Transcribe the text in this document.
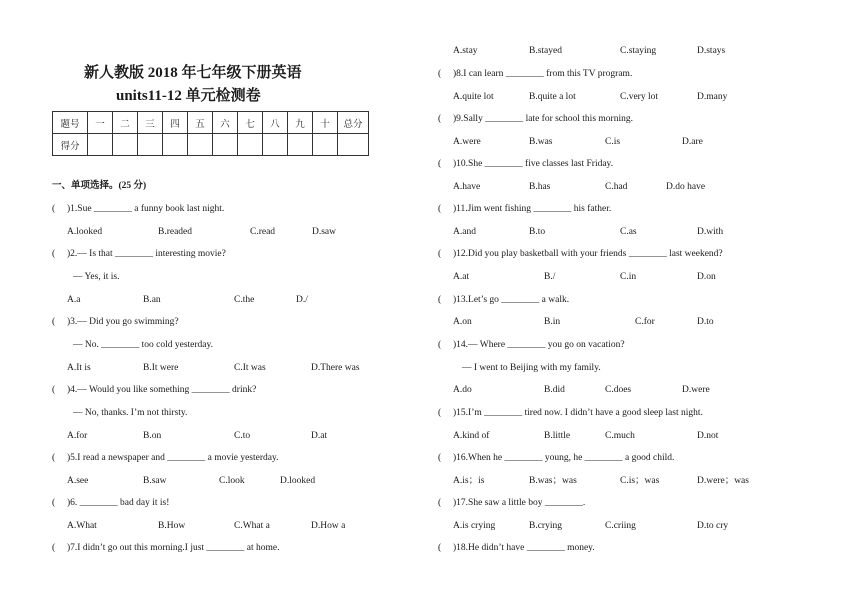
新人教版 2018 年七年级下册英语
units11-12 单元检测卷
题号	一	二	三	四	五	六	七	八	九	十	总分
得分											
一、单项选择。(25 分)
( )1.Sue ________ a funny book last night.
A.looked	B.readed	C.read	D.saw
( )2.— Is that ________ interesting movie?
— Yes, it is.
A.a	B.an	C.the	D./
( )3.— Did you go swimming?
— No. ________ too cold yesterday.
A.It is	B.It were	C.It was	D.There was
( )4.— Would you like something ________ drink?
— No, thanks. I’m not thirsty.
A.for	B.on	C.to	D.at
( )5.I read a newspaper and ________ a movie yesterday.
A.see	B.saw	C.look	D.looked
( )6. ________ bad day it is!
A.What	B.How	C.What a	D.How a
( )7.I didn’t go out this morning.I just ________ at home.
A.stay	B.stayed	C.staying	D.stays
( )8.I can learn ________ from this TV program.
A.quite lot	B.quite a lot	C.very lot	D.many
( )9.Sally ________ late for school this morning.
A.were	B.was	C.is	D.are
( )10.She ________ five classes last Friday.
A.have	B.has	C.had	D.do have
( )11.Jim went fishing ________ his father.
A.and	B.to	C.as	D.with
( )12.Did you play basketball with your friends ________ last weekend?
A.at	B./	C.in	D.on
( )13.Let’s go ________ a walk.
A.on	B.in	C.for	D.to
( )14.— Where ________ you go on vacation?
— I went to Beijing with my family.
A.do	B.did	C.does	D.were
( )15.I’m ________ tired now. I didn’t have a good sleep last night.
A.kind of	B.little	C.much	D.not
( )16.When he ________ young, he ________ a good child.
A.is；is	B.was；was	C.is；was	D.were；was
( )17.She saw a little boy ________.
A.is crying	B.crying	C.criing	D.to cry
( )18.He didn’t have ________ money.
